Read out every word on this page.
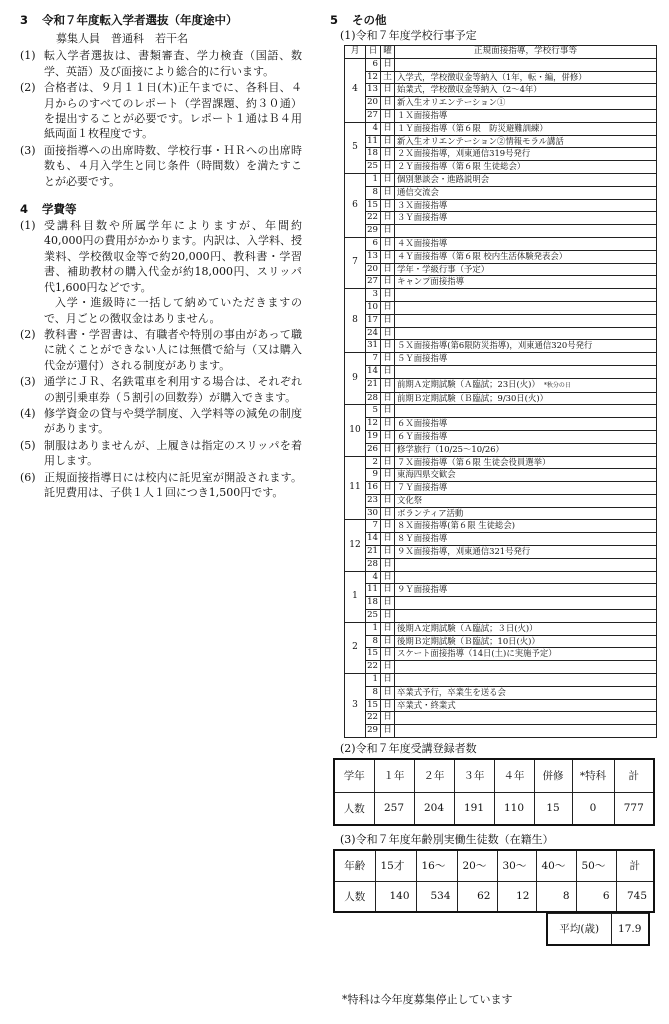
3 令和７年度転入学者選抜（年度途中）
募集人員　普通科　若干名
(1) 転入学者選抜は、書類審査、学力検査（国語、数学、英語）及び面接により総合的に行います。

(2) 合格者は、９月１１日(木)正午までに、各科目、４月からのすべてのレポート（学習課題、約３０通）を提出することが必要です。レポート１通はＢ４用紙両面１枚程度です。

(3) 面接指導への出席時数、学校行事・ＨＲへの出席時数も、４月入学生と同じ条件（時間数）を満たすことが必要です。

4 学費等
(1) 受講科目数や所属学年によりますが、年間約40,000円の費用がかかります。内訳は、入学料、授業料、学校徴収金等で約20,000円、教科書・学習書、補助教材の購入代金が約18,000円、スリッパ代1,600円などです。

入学・進級時に一括して納めていただきますので、月ごとの徴収金はありません。

(2) 教科書・学習書は、有職者や特別の事由があって職に就くことができない人には無償で給与（又は購入代金が還付）される制度があります。

(3) 通学にＪＲ、名鉄電車を利用する場合は、それぞれの割引乗車券（５割引の回数券）が購入できます。

(4) 修学資金の貸与や奨学制度、入学料等の減免の制度があります。

(5) 制服はありませんが、上履きは指定のスリッパを着用します。

(6) 正規面接指導日には校内に託児室が開設されます。託児費用は、子供１人１回につき1,500円です。

5 その他
(1)令和７年度学校行事予定
月	日	曜	正規面接指導，学校行事等
4	6	日	
	12	土	入学式，学校徴収金等納入（1年，転・編，併修）
	13	日	始業式，学校徴収金等納入（2～4年）
	20	日	新入生オリエンテーション①
	27	日	１Ｘ面接指導
5	4	日	１Ｙ面接指導（第６限　防災避難訓練）
	11	日	新入生オリエンテーション②情報モラル講話
	18	日	２Ｘ面接指導，刈東通信319号発行
	25	日	２Ｙ面接指導（第６限 生徒総会）
6	1	日	個別懇談会・進路説明会
	8	日	通信交流会
	15	日	３Ｘ面接指導
	22	日	３Ｙ面接指導
	29	日	
7	6	日	４Ｘ面接指導
	13	日	４Ｙ面接指導（第６限 校内生活体験発表会）
	20	日	学年・学級行事（予定）
	27	日	キャンプ面接指導
8	3	日	
	10	日	
	17	日	
	24	日	
	31	日	５Ｘ面接指導(第6限防災指導)，刈東通信320号発行
9	7	日	５Ｙ面接指導
	14	日	
	21	日	前期Ａ定期試験（Ａ臨試；23日(火)） *秋分の日
	28	日	前期Ｂ定期試験（Ｂ臨試；9/30日(火)）
10	5	日	
	12	日	６Ｘ面接指導
	19	日	６Ｙ面接指導
	26	日	修学旅行（10/25～10/26）
11	2	日	７Ｘ面接指導（第６限 生徒会役員選挙）
	9	日	東海四県交歓会
	16	日	７Ｙ面接指導
	23	日	文化祭
	30	日	ボランティア活動
12	7	日	８Ｘ面接指導(第６限 生徒総会)
	14	日	８Ｙ面接指導
	21	日	９Ｘ面接指導，刈東通信321号発行
	28	日	
1	4	日	
	11	日	９Ｙ面接指導
	18	日	
	25	日	
2	1	日	後期Ａ定期試験（Ａ臨試；３日(火)）
	8	日	後期Ｂ定期試験（Ｂ臨試；10日(火)）
	15	日	スケート面接指導（14日(土)に実施予定）
	22	日	
3	1	日	
	8	日	卒業式予行，卒業生を送る会
	15	日	卒業式・終業式
	22	日	
	29	日	
(2)令和７年度受講登録者数
学年	１年	２年	３年	４年	併修	*特科	計
人数	257	204	191	110	15	0	777
(3)令和７年度年齢別実働生徒数（在籍生）
年齢	15才	16～	20～	30～	40～	50～	計
人数	140	534	62	12	8	6	745
平均(歳)	17.9
*特科は今年度募集停止しています
